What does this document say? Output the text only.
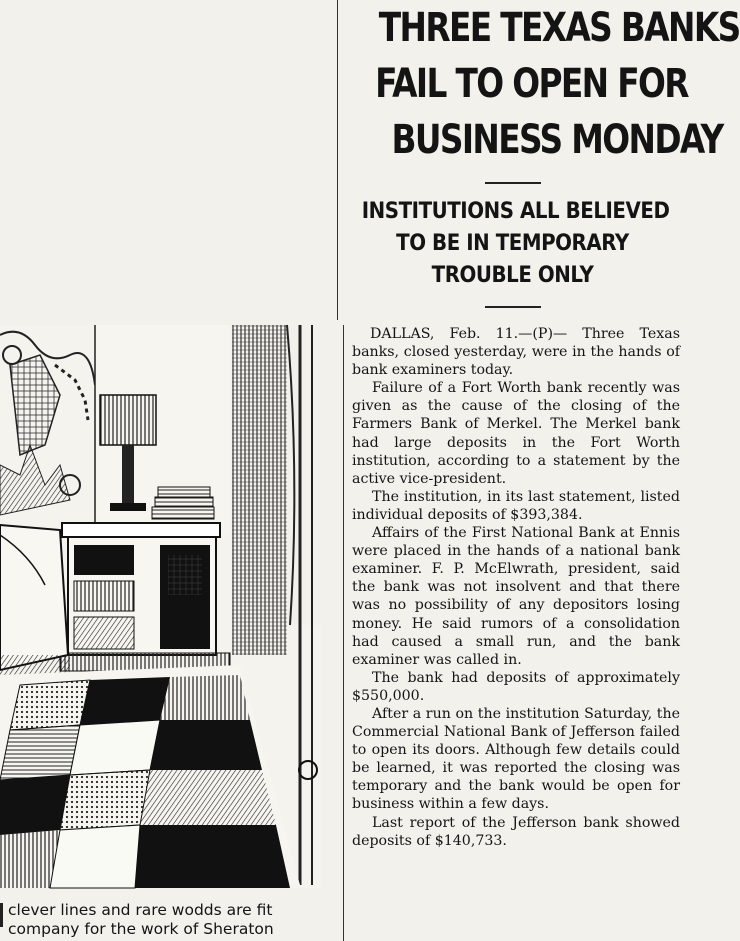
THREE TEXAS BANKS
FAIL TO OPEN FOR
BUSINESS MONDAY
INSTITUTIONS ALL BELIEVED
TO BE IN TEMPORARY
TROUBLE ONLY

DALLAS, Feb. 11.—(P)— Three Texas banks, closed yesterday, were in the hands of bank examiners today.

Failure of a Fort Worth bank recently was given as the cause of the closing of the Farmers Bank of Merkel. The Merkel bank had large deposits in the Fort Worth institution, according to a statement by the active vice-president.

The institution, in its last statement, listed individual deposits of $393,384.

Affairs of the First National Bank at Ennis were placed in the hands of a national bank examiner. F. P. McElwrath, president, said the bank was not insolvent and that there was no possibility of any depositors losing money. He said rumors of a consolidation had caused a small run, and the bank examiner was called in.

The bank had deposits of approximately $550,000.

After a run on the institution Saturday, the Commercial National Bank of Jefferson failed to open its doors. Although few details could be learned, it was reported the closing was temporary and the bank would be open for business within a few days.

Last report of the Jefferson bank showed deposits of $140,733.

clever lines and rare wodds are fit
company for the work of Sheraton
